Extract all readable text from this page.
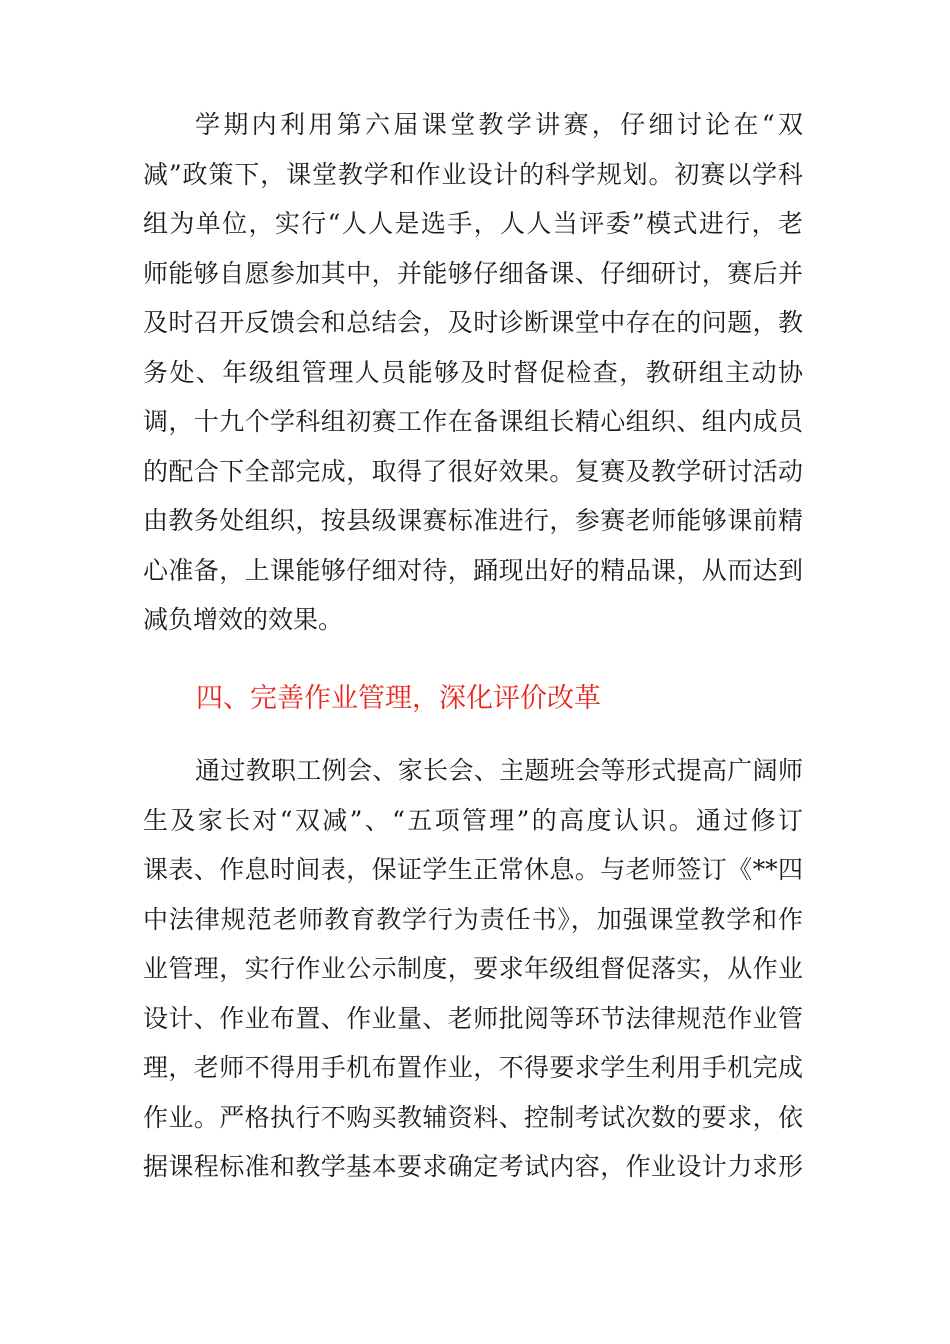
学期内利用第六届课堂教学讲赛，仔细讨论在“双
减”政策下，课堂教学和作业设计的科学规划。初赛以学科
组为单位，实行“人人是选手，人人当评委”模式进行，老
师能够自愿参加其中，并能够仔细备课、仔细研讨，赛后并
及时召开反馈会和总结会，及时诊断课堂中存在的问题，教
务处、年级组管理人员能够及时督促检查，教研组主动协
调，十九个学科组初赛工作在备课组长精心组织、组内成员
的配合下全部完成，取得了很好效果。复赛及教学研讨活动
由教务处组织，按县级课赛标准进行，参赛老师能够课前精
心准备，上课能够仔细对待，踊现出好的精品课，从而达到
减负增效的效果。
四、完善作业管理，深化评价改革
通过教职工例会、家长会、主题班会等形式提高广阔师
生及家长对“双减”、“五项管理”的高度认识。通过修订
课表、作息时间表，保证学生正常休息。与老师签订《**四
中法律规范老师教育教学行为责任书》，加强课堂教学和作
业管理，实行作业公示制度，要求年级组督促落实，从作业
设计、作业布置、作业量、老师批阅等环节法律规范作业管
理，老师不得用手机布置作业，不得要求学生利用手机完成
作业。严格执行不购买教辅资料、控制考试次数的要求，依
据课程标准和教学基本要求确定考试内容，作业设计力求形
